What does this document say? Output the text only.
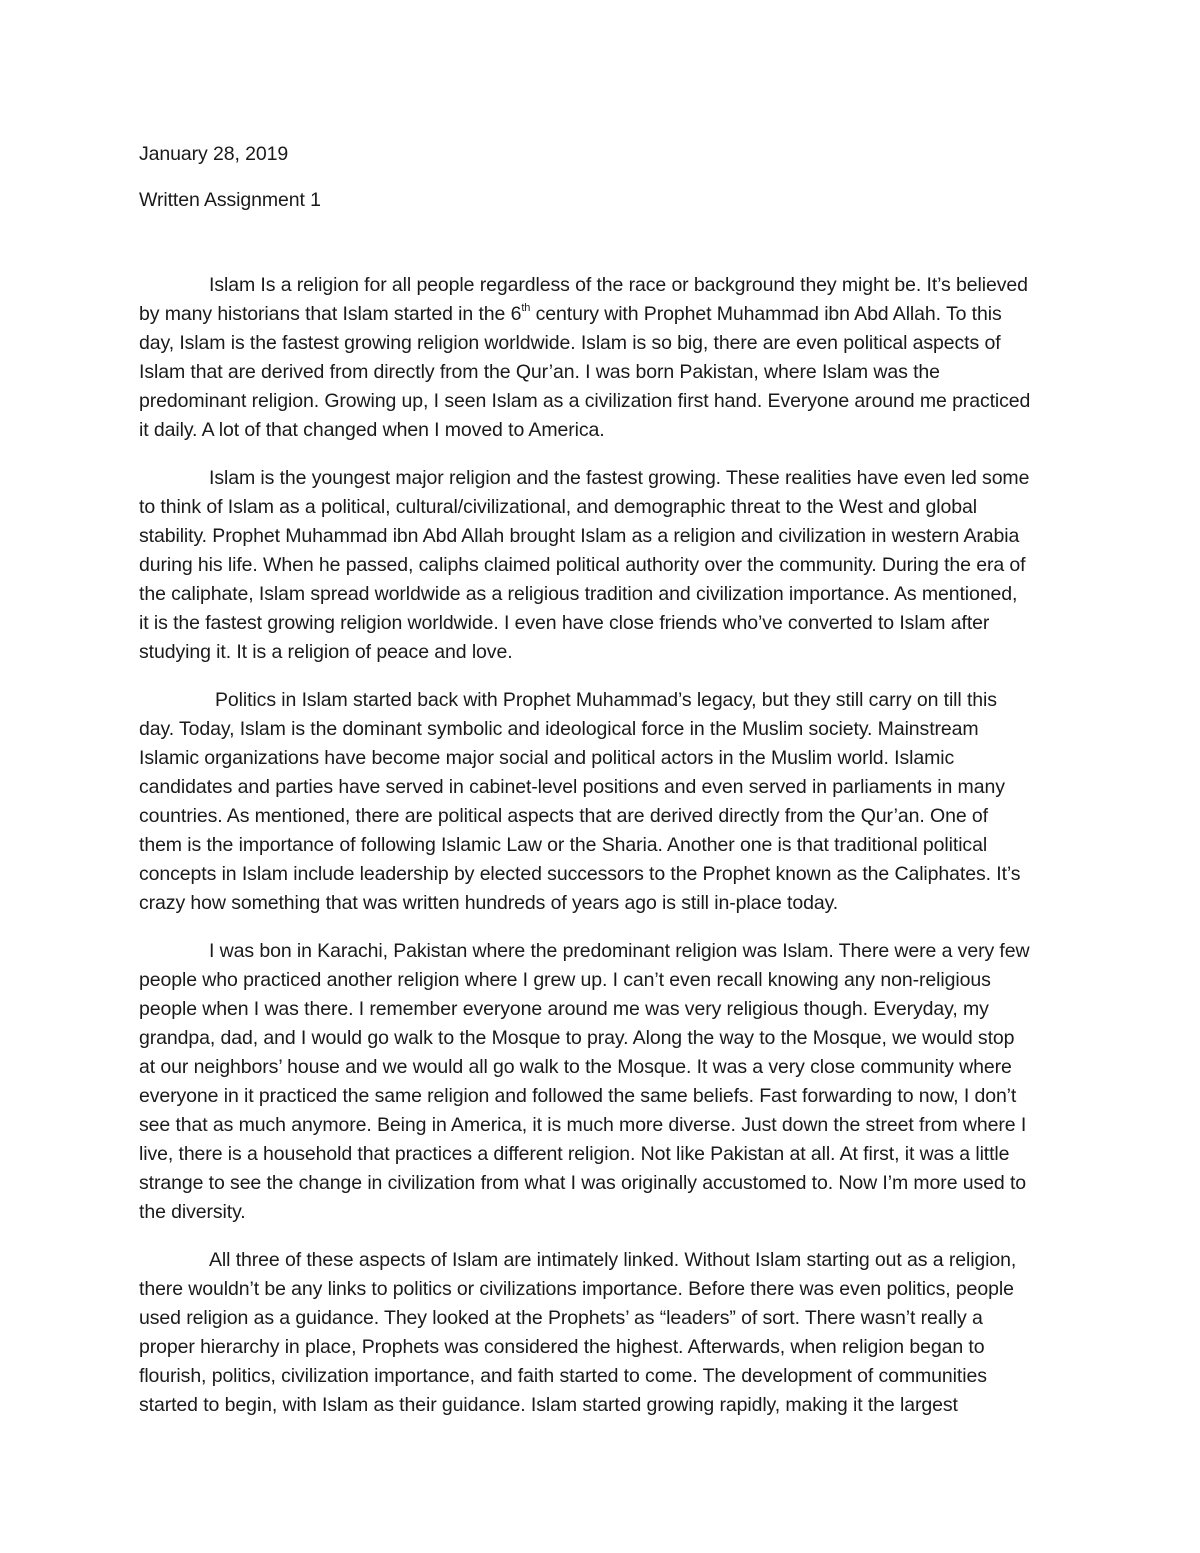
January 28, 2019

Written Assignment 1

Islam Is a religion for all people regardless of the race or background they might be. It’s believed
by many historians that Islam started in the 6th century with Prophet Muhammad ibn Abd Allah. To this
day, Islam is the fastest growing religion worldwide. Islam is so big, there are even political aspects of
Islam that are derived from directly from the Qur’an. I was born Pakistan, where Islam was the
predominant religion. Growing up, I seen Islam as a civilization first hand. Everyone around me practiced
it daily. A lot of that changed when I moved to America.

Islam is the youngest major religion and the fastest growing. These realities have even led some
to think of Islam as a political, cultural/civilizational, and demographic threat to the West and global
stability. Prophet Muhammad ibn Abd Allah brought Islam as a religion and civilization in western Arabia
during his life. When he passed, caliphs claimed political authority over the community. During the era of
the caliphate, Islam spread worldwide as a religious tradition and civilization importance. As mentioned,
it is the fastest growing religion worldwide. I even have close friends who’ve converted to Islam after
studying it. It is a religion of peace and love.

Politics in Islam started back with Prophet Muhammad’s legacy, but they still carry on till this
day. Today, Islam is the dominant symbolic and ideological force in the Muslim society. Mainstream
Islamic organizations have become major social and political actors in the Muslim world. Islamic
candidates and parties have served in cabinet-level positions and even served in parliaments in many
countries. As mentioned, there are political aspects that are derived directly from the Qur’an. One of
them is the importance of following Islamic Law or the Sharia. Another one is that traditional political
concepts in Islam include leadership by elected successors to the Prophet known as the Caliphates. It’s
crazy how something that was written hundreds of years ago is still in-place today.

I was bon in Karachi, Pakistan where the predominant religion was Islam. There were a very few
people who practiced another religion where I grew up. I can’t even recall knowing any non-religious
people when I was there. I remember everyone around me was very religious though. Everyday, my
grandpa, dad, and I would go walk to the Mosque to pray. Along the way to the Mosque, we would stop
at our neighbors’ house and we would all go walk to the Mosque. It was a very close community where
everyone in it practiced the same religion and followed the same beliefs. Fast forwarding to now, I don’t
see that as much anymore. Being in America, it is much more diverse. Just down the street from where I
live, there is a household that practices a different religion. Not like Pakistan at all. At first, it was a little
strange to see the change in civilization from what I was originally accustomed to. Now I’m more used to
the diversity.

All three of these aspects of Islam are intimately linked. Without Islam starting out as a religion,
there wouldn’t be any links to politics or civilizations importance. Before there was even politics, people
used religion as a guidance. They looked at the Prophets’ as “leaders” of sort. There wasn’t really a
proper hierarchy in place, Prophets was considered the highest. Afterwards, when religion began to
flourish, politics, civilization importance, and faith started to come. The development of communities
started to begin, with Islam as their guidance. Islam started growing rapidly, making it the largest
